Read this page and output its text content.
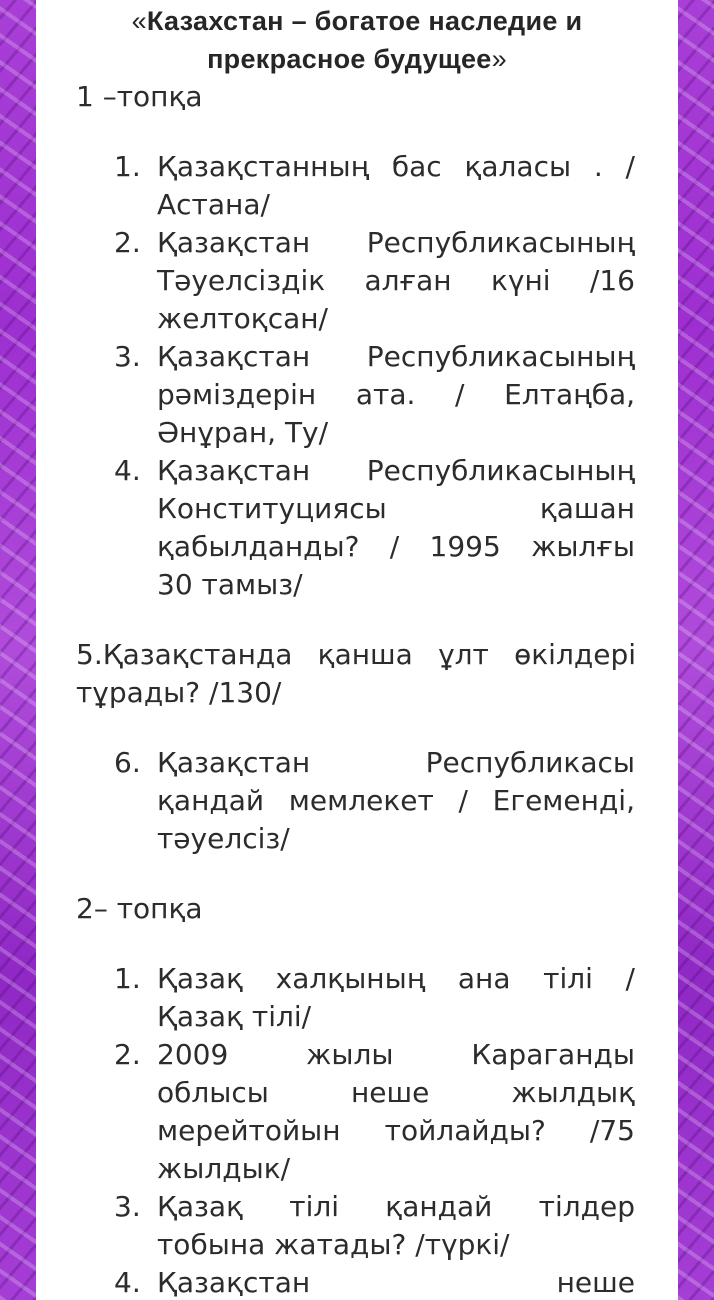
«Казахстан – богатое наследие и
прекрасное будущее»
1 –топқа
1. Қазақстанның бас қаласы . /
Астана/
2. Қазақстан Республикасының
Тәуелсіздік алған күні /16
желтоқсан/
3. Қазақстан Республикасының
рәміздерін ата. / Елтаңба,
Әнұран, Ту/
4. Қазақстан Республикасының
Конституциясы қашан
қабылданды? / 1995 жылғы
30 тамыз/
5.Қазақстанда қанша ұлт өкілдері
тұрады? /130/
6. Қазақстан Республикасы
қандай мемлекет / Егеменді,
тәуелсіз/
2– топқа
1. Қазақ халқының ана тілі /
Қазақ тілі/
2. 2009 жылы Караганды
облысы неше жылдық
мерейтойын тойлайды? /75
жылдык/
3. Қазақ тілі қандай тілдер
тобына жатады? /түркі/
4. Қазақстан неше
